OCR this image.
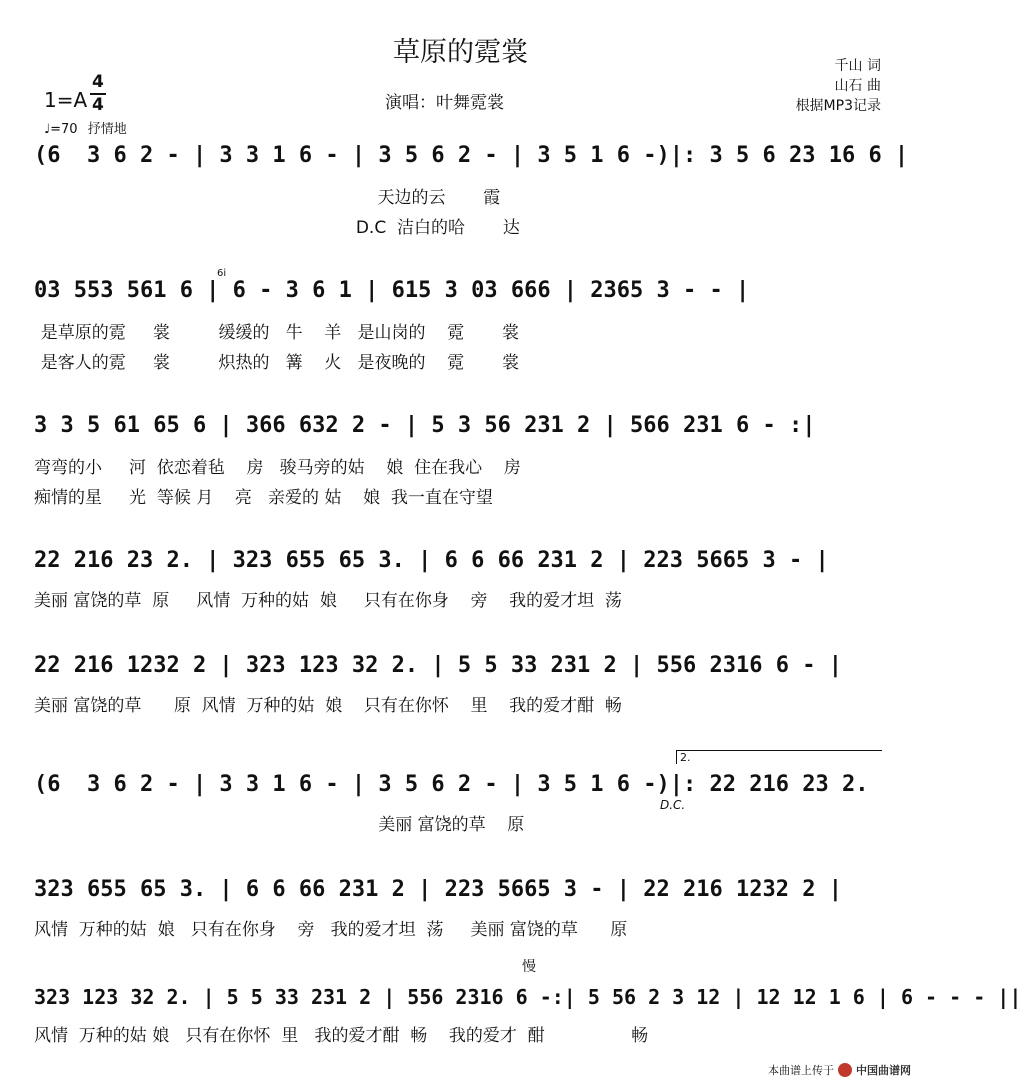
草原的霓裳
演唱：叶舞霓裳
千山 词
山石 曲
根据MP3记录
1=A
4
4
♩=70 抒情地
(6  3 6 2 - | 3 3 1 6 - | 3 5 6 2 - | 3 5 1 6 -)|: 3 5 6 23 16 6 |
天边的云       霞
D.C  洁白的哈       达
03 553 561 6 | 6 - 3 6 1 | 615 3 03 666 | 2365 3 - - |
6i
是草原的霓     裳         缓缓的   牛    羊   是山岗的    霓       裳
是客人的霓     裳         炽热的   篝    火   是夜晚的    霓       裳
3 3 5 61 65 6 | 366 632 2 - | 5 3 56 231 2 | 566 231 6 - :|
弯弯的小     河  依恋着毡    房   骏马旁的姑    娘  住在我心    房
痴情的星     光  等候 月    亮   亲爱的 姑    娘  我一直在守望
22 216 23 2. | 323 655 65 3. | 6 6 66 231 2 | 223 5665 3 - |
美丽 富饶的草  原     风情  万种的姑  娘     只有在你身    旁    我的爱才坦  荡
22 216 1232 2 | 323 123 32 2. | 5 5 33 231 2 | 556 2316 6 - |
美丽 富饶的草      原  风情  万种的姑  娘    只有在你怀    里    我的爱才酣  畅
(6  3 6 2 - | 3 3 1 6 - | 3 5 6 2 - | 3 5 1 6 -)|: 22 216 23 2.
2.
D.C.
美丽 富饶的草    原
323 655 65 3. | 6 6 66 231 2 | 223 5665 3 - | 22 216 1232 2 |
风情  万种的姑  娘   只有在你身    旁   我的爱才坦  荡     美丽 富饶的草      原
慢
323 123 32 2. | 5 5 33 231 2 | 556 2316 6 -:| 5 56 2 3 12 | 12 12 1 6 | 6 - - - ||
风情  万种的姑 娘   只有在你怀  里   我的爱才酣  畅    我的爱才  酣                畅
本曲谱上传于 中国曲谱网
